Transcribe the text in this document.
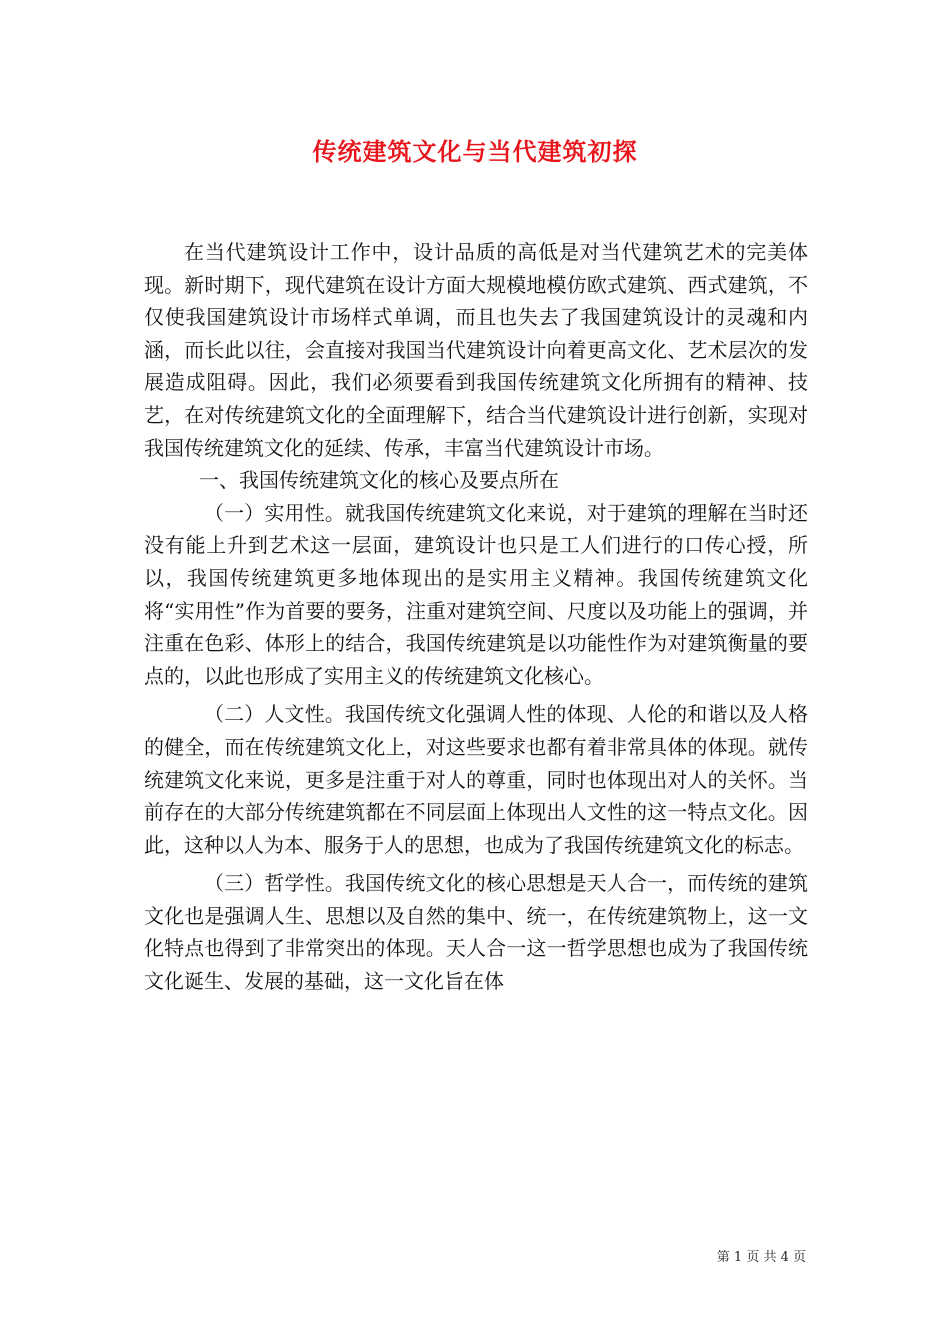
传统建筑文化与当代建筑初探

在当代建筑设计工作中，设计品质的高低是对当代建筑艺术的完美体现。新时期下，现代建筑在设计方面大规模地模仿欧式建筑、西式建筑，不仅使我国建筑设计市场样式单调，而且也失去了我国建筑设计的灵魂和内涵，而长此以往，会直接对我国当代建筑设计向着更高文化、艺术层次的发展造成阻碍。因此，我们必须要看到我国传统建筑文化所拥有的精神、技艺，在对传统建筑文化的全面理解下，结合当代建筑设计进行创新，实现对我国传统建筑文化的延续、传承，丰富当代建筑设计市场。

一、我国传统建筑文化的核心及要点所在

（一）实用性。就我国传统建筑文化来说，对于建筑的理解在当时还没有能上升到艺术这一层面，建筑设计也只是工人们进行的口传心授，所以，我国传统建筑更多地体现出的是实用主义精神。我国传统建筑文化将“实用性”作为首要的要务，注重对建筑空间、尺度以及功能上的强调，并注重在色彩、体形上的结合，我国传统建筑是以功能性作为对建筑衡量的要点的，以此也形成了实用主义的传统建筑文化核心。

（二）人文性。我国传统文化强调人性的体现、人伦的和谐以及人格的健全，而在传统建筑文化上，对这些要求也都有着非常具体的体现。就传统建筑文化来说，更多是注重于对人的尊重，同时也体现出对人的关怀。当前存在的大部分传统建筑都在不同层面上体现出人文性的这一特点文化。因此，这种以人为本、服务于人的思想，也成为了我国传统建筑文化的标志。

（三）哲学性。我国传统文化的核心思想是天人合一，而传统的建筑文化也是强调人生、思想以及自然的集中、统一，在传统建筑物上，这一文化特点也得到了非常突出的体现。天人合一这一哲学思想也成为了我国传统文化诞生、发展的基础，这一文化旨在体

第 1 页 共 4 页
